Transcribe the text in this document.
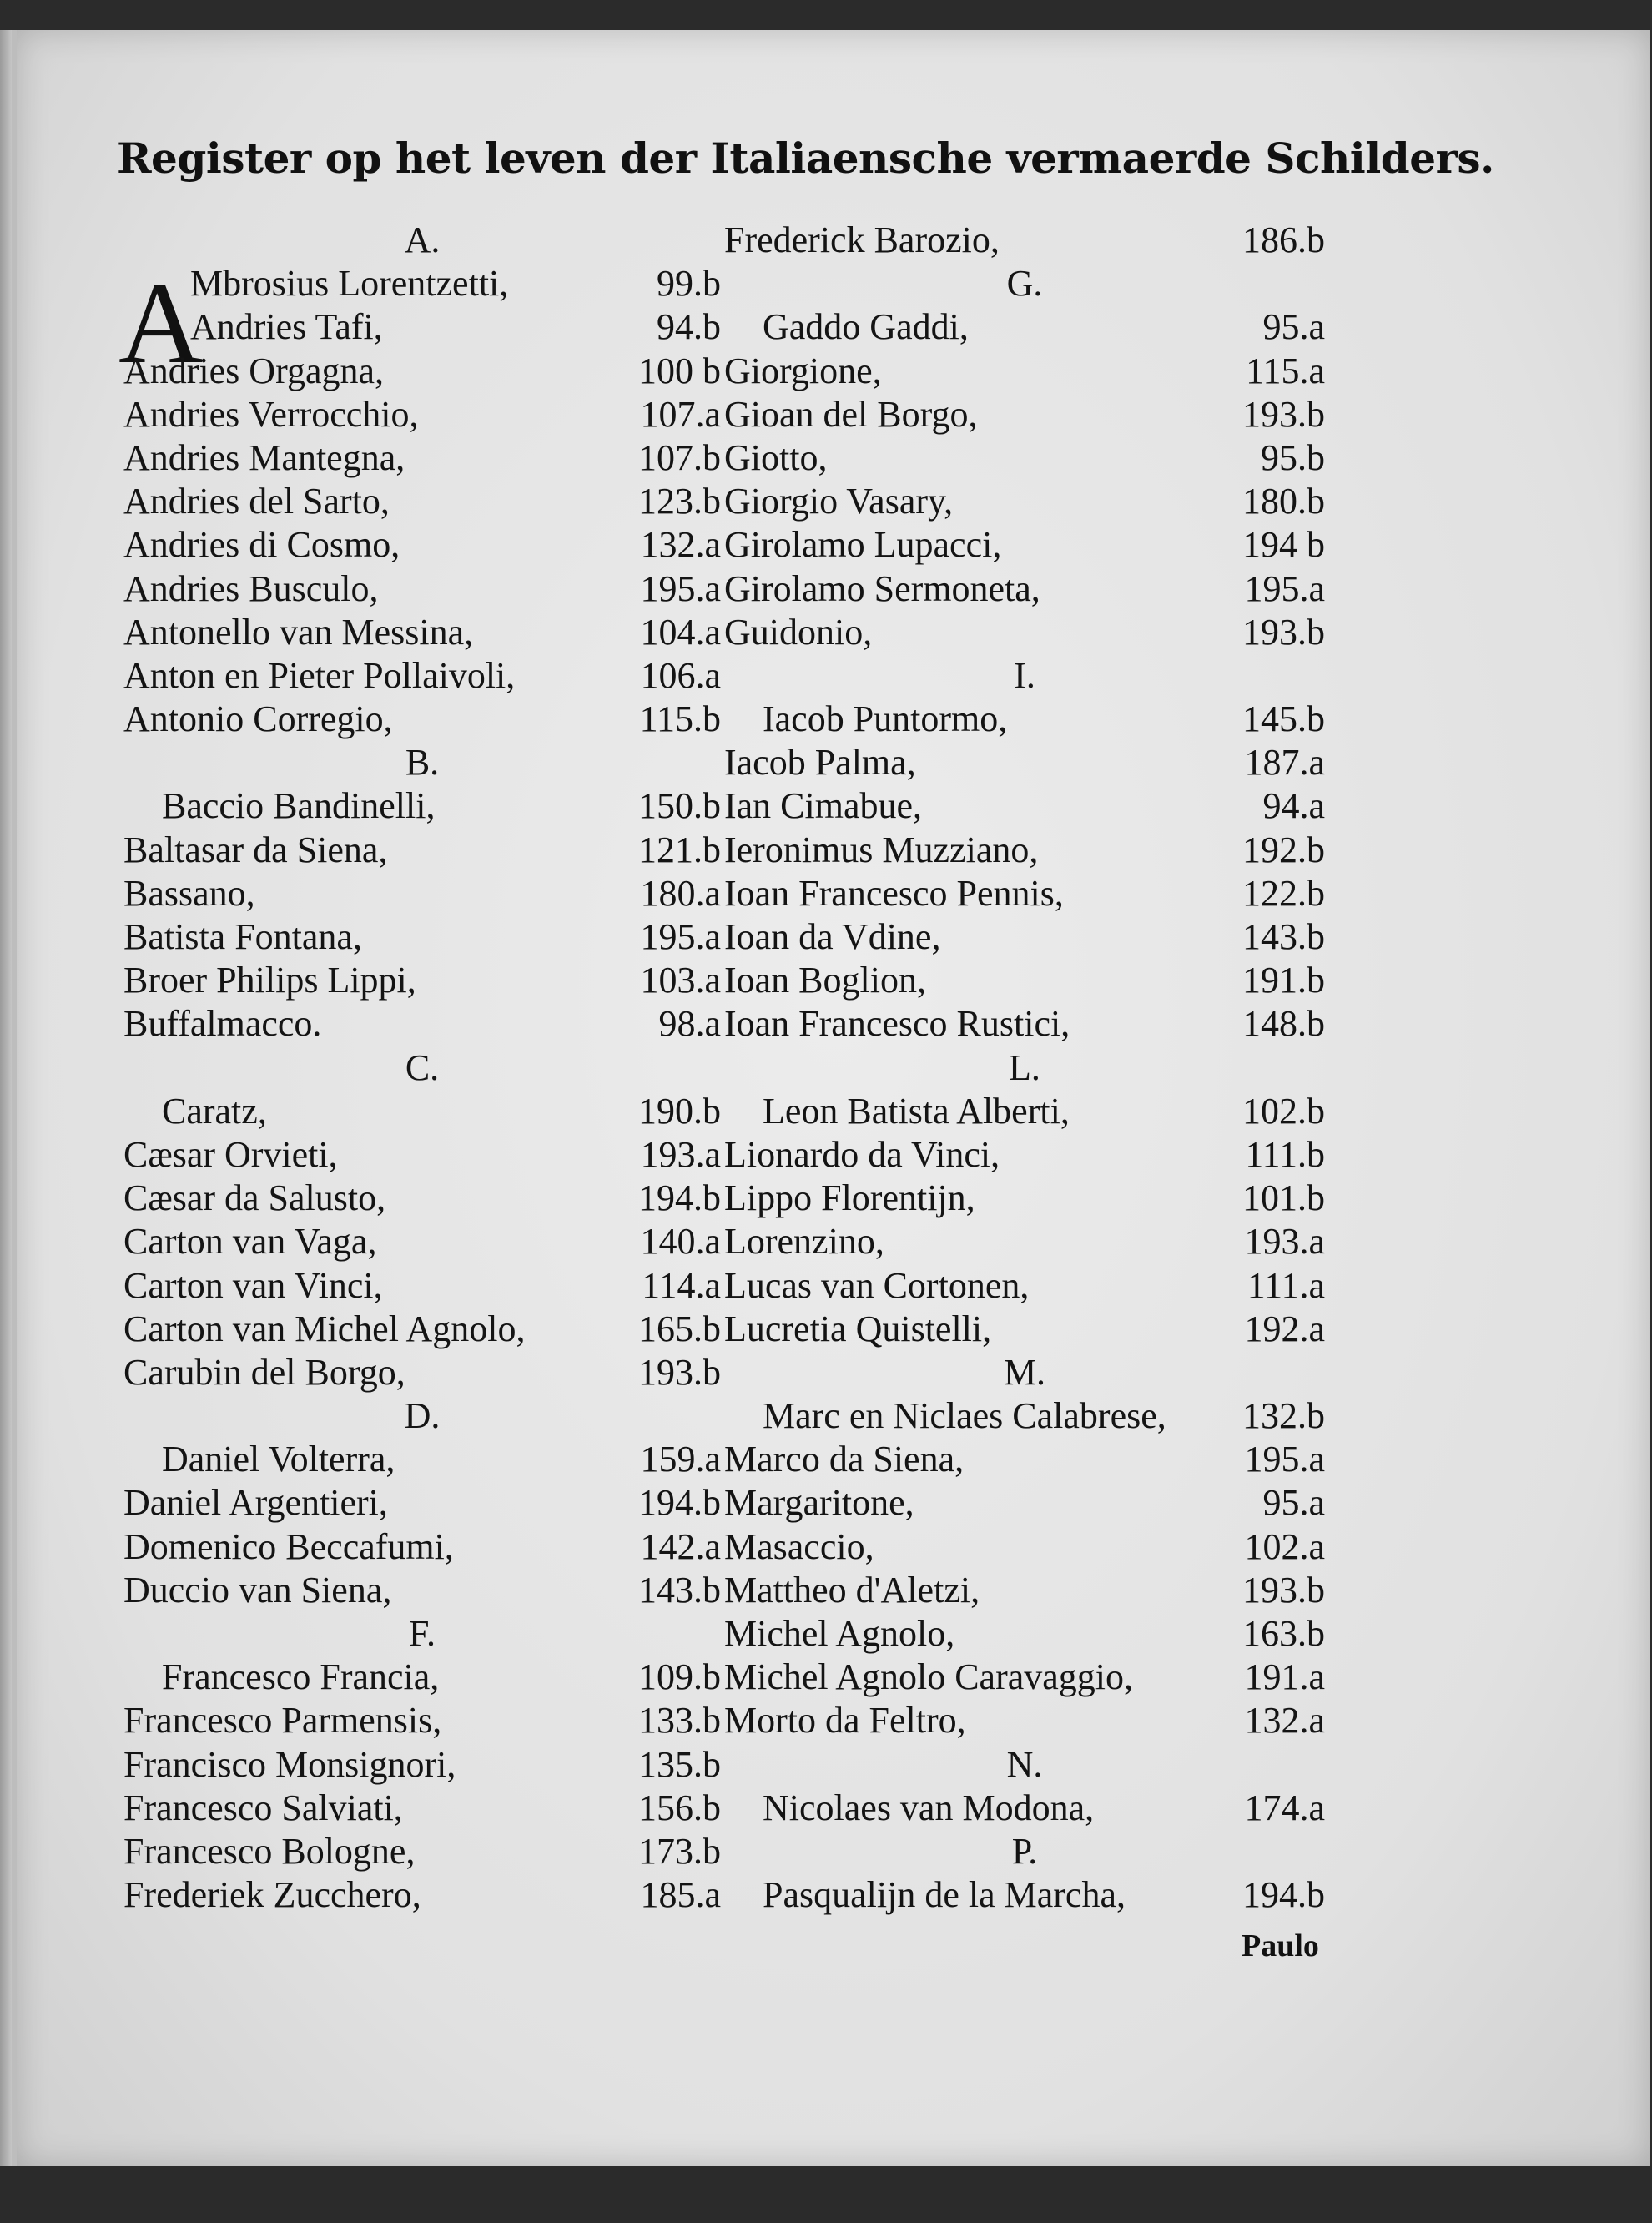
Register op het leven der Italiaensche vermaerde Schilders.
A
A.
Mbrosius Lorentzetti,	99.b
Andries Tafi,	94.b
Andries Orgagna,	100 b
Andries Verrocchio,	107.a
Andries Mantegna,	107.b
Andries del Sarto,	123.b
Andries di Cosmo,	132.a
Andries Busculo,	195.a
Antonello van Messina,	104.a
Anton en Pieter Pollaivoli,	106.a
Antonio Corregio,	115.b
B.
Baccio Bandinelli,	150.b
Baltasar da Siena,	121.b
Bassano,	180.a
Batista Fontana,	195.a
Broer Philips Lippi,	103.a
Buffalmacco.	98.a
C.
Caratz,	190.b
Cæsar Orvieti,	193.a
Cæsar da Salusto,	194.b
Carton van Vaga,	140.a
Carton van Vinci,	114.a
Carton van Michel Agnolo,	165.b
Carubin del Borgo,	193.b
D.
Daniel Volterra,	159.a
Daniel Argentieri,	194.b
Domenico Beccafumi,	142.a
Duccio van Siena,	143.b
F.
Francesco Francia,	109.b
Francesco Parmensis,	133.b
Francisco Monsignori,	135.b
Francesco Salviati,	156.b
Francesco Bologne,	173.b
Frederiek Zucchero,	185.a
Frederick Barozio,	186.b
G.
Gaddo Gaddi,	95.a
Giorgione,	115.a
Gioan del Borgo,	193.b
Giotto,	95.b
Giorgio Vasary,	180.b
Girolamo Lupacci,	194 b
Girolamo Sermoneta,	195.a
Guidonio,	193.b
I.
Iacob Puntormo,	145.b
Iacob Palma,	187.a
Ian Cimabue,	94.a
Ieronimus Muzziano,	192.b
Ioan Francesco Pennis,	122.b
Ioan da Vdine,	143.b
Ioan Boglion,	191.b
Ioan Francesco Rustici,	148.b
L.
Leon Batista Alberti,	102.b
Lionardo da Vinci,	111.b
Lippo Florentijn,	101.b
Lorenzino,	193.a
Lucas van Cortonen,	111.a
Lucretia Quistelli,	192.a
M.
Marc en Niclaes Calabrese, 132.b
Marco da Siena,	195.a
Margaritone,	95.a
Masaccio,	102.a
Mattheo d'Aletzi,	193.b
Michel Agnolo,	163.b
Michel Agnolo Caravaggio,	191.a
Morto da Feltro,	132.a
N.
Nicolaes van Modona,	174.a
P.
Pasqualijn de la Marcha,	194.b
Paulo
